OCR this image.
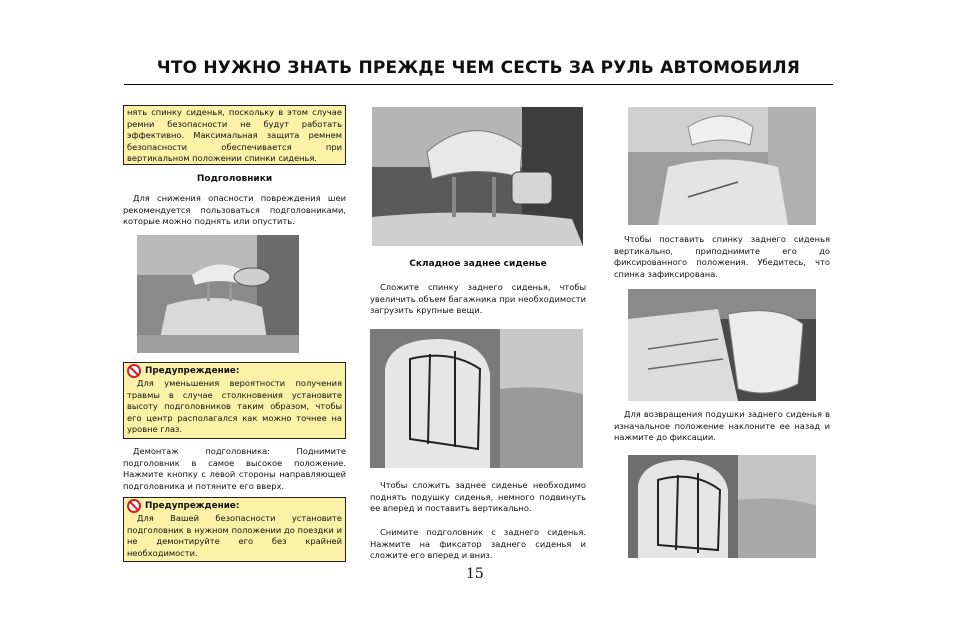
ЧТО НУЖНО ЗНАТЬ ПРЕЖДЕ ЧЕМ СЕСТЬ ЗА РУЛЬ АВТОМОБИЛЯ
нять спинку сиденья, поскольку в этом случае ремни безопасности не будут работать эффективно. Максимальная защита ремнем безопасности обеспечивается при вертикальном положении спинки сиденья.
Подголовники

Для снижения опасности повреждения шеи рекомендуется пользоваться подголовниками, которые можно поднять или опустить.

Предупреждение:
Для уменьшения вероятности получения травмы в случае столкновения установите высоту подголовников таким образом, чтобы его центр располагался как можно точнее на уровне глаз.

Демонтаж подголовника: Поднимите подголовник в самое высокое положение. Нажмите кнопку с левой стороны направляющей подголовника и потяните его вверх.

Предупреждение:
Для Вашей безопасности установите подголовник в нужном положении до поездки и не демонтируйте его без крайней необходимости.
Складное заднее сиденье

Сложите спинку заднего сиденья, чтобы увеличить объем багажника при необходимости загрузить крупные вещи.

Чтобы сложить заднее сиденье необходимо поднять подушку сиденья, немного подвинуть ее вперед и поставить вертикально.

Снимите подголовник с заднего сиденья. Нажмите на фиксатор заднего сиденья и сложите его вперед и вниз.

Чтобы поставить спинку заднего сиденья вертикально, приподнимите его до фиксированного положения. Убедитесь, что спинка зафиксирована.

Для возвращения подушки заднего сиденья в изначальное положение наклоните ее назад и нажмите до фиксации.

15
